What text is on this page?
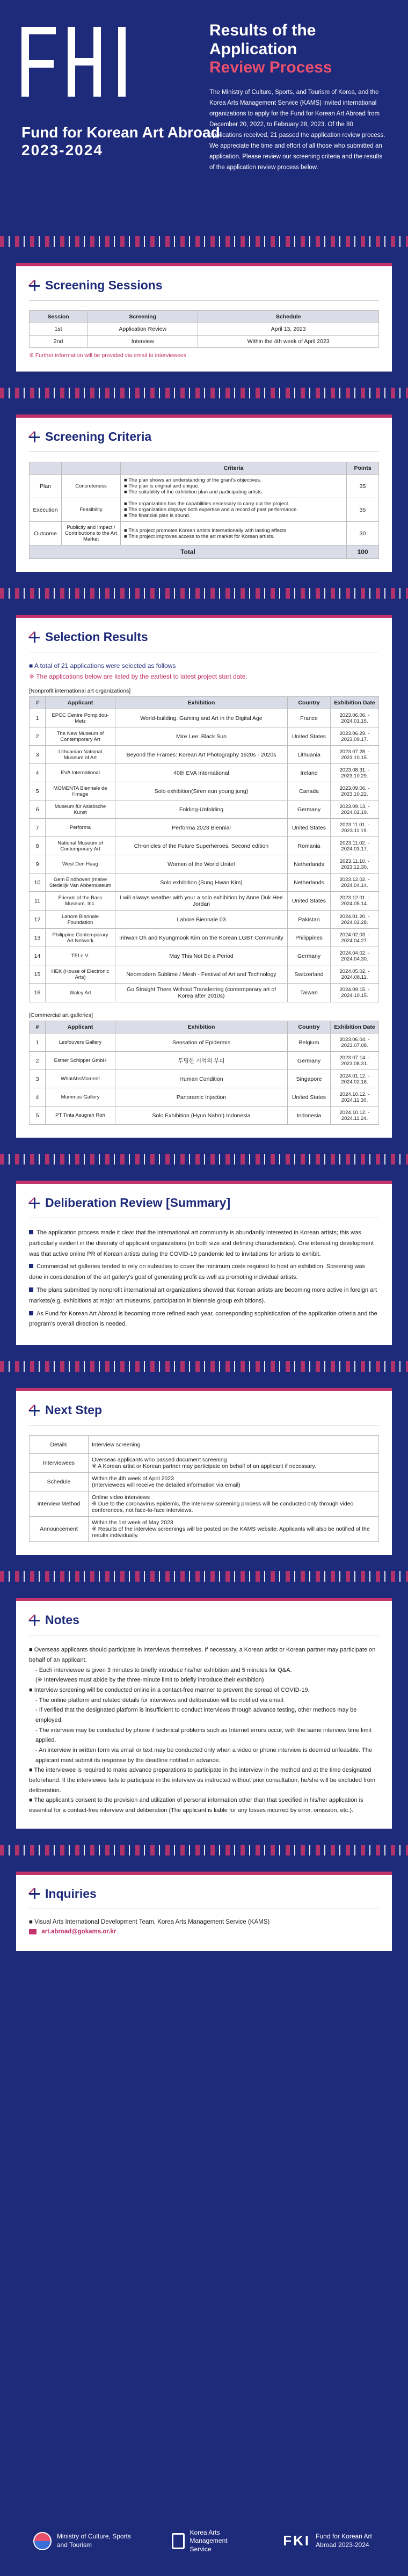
Fund for Korean Art Abroad
2023-2024
Results of the Application
Review Process

The Ministry of Culture, Sports, and Tourism of Korea, and the Korea Arts Management Service (KAMS) invited international organizations to apply for the Fund for Korean Art Abroad from December 20, 2022, to February 28, 2023. Of the 80 applications received, 21 passed the application review process. We appreciate the time and effort of all those who submitted an application. Please review our screening criteria and the results of the application review process below.

Screening Sessions
Session	Screening	Schedule
1st	Application Review	April 13, 2023
2nd	Interview	Within the 4th week of April 2023
※ Further information will be provided via email to interviewees
Screening Criteria
		Criteria	Points
Plan	Concreteness	■ The plan shows an understanding of the grant's objectives.
■ The plan is original and unique.
■ The suitability of the exhibition plan and participating artists.	35
Execution	Feasibility	■ The organization has the capabilities necessary to carry out the project.
■ The organization displays both expertise and a record of past performance.
■ The financial plan is sound.	35
Outcome	Publicity and Impact / Contributions to the Art Market	■ This project promotes Korean artists internationally with lasting effects.
■ This project improves access to the art market for Korean artists.	30
Total			100
Selection Results
■ A total of 21 applications were selected as follows
※ The applications below are listed by the earliest to latest project start date.
[Nonprofit international art organizations]
#	Applicant	Exhibition	Country	Exhibition Date
1	EPCC Centre Pompidou-Metz	World-building. Gaming and Art in the Digital Age	France	2023.06.06. - 2024.01.15.
2	The New Museum of Contemporary Art	Mire Lee: Black Sun	United States	2023.06.29. - 2023.09.17.
3	Lithuanian National Museum of Art	Beyond the Frames: Korean Art Photography 1920s - 2020s	Lithuania	2023.07.28. - 2023.10.15.
4	EVA International	40th EVA International	Ireland	2023.08.31. - 2023.10.29.
5	MOMENTA Biennale de l'image	Solo exhibition(Siren eun young jung)	Canada	2023.09.06. - 2023.10.22.
6	Museum für Asiatische Kunst	Folding-Unfolding	Germany	2023.09.13. - 2024.02.19.
7	Performa	Performa 2023 Biennial	United States	2023.11.01. - 2023.11.19.
8	National Museum of Contemporary Art	Chronicles of the Future Superheroes. Second edition	Romania	2023.11.02. - 2024.03.17.
9	West Den Haag	Women of the World Unite!	Netherlands	2023.11.10. - 2023.12.30.
10	Gem Eindhoven (malve Stedelijk Van Abbemuseum	Solo exhibition (Sung Hwan Kim)	Netherlands	2023.12.02. - 2024.04.14.
11	Friends of the Bass Museum, Inc.	I will always weather with your a solo exhibition by Anne Duk Hee Jordan	United States	2023.12.01. - 2024.05.14.
12	Lahore Biennale Foundation	Lahore Biennale 03	Pakistan	2024.01.20. - 2024.02.28.
13	Philippine Contemporary Art Network	Inhwan Oh and Kyungmook Kim on the Korean LGBT Community	Philippines	2024.02.03. - 2024.04.27.
14	TEI e.V.	May This Not Be a Period	Germany	2024.04.02. - 2024.04.30.
15	HEK (House of Electronic Arts)	Neomodern Sublime / Mesh - Festival of Art and Technology	Switzerland	2024.05.02. - 2024.08.11.
16	Waley Art	Go Straight There Without Transferring (contemporary art of Korea after 2010s)	Taiwan	2024.09.15. - 2024.10.15.
[Commercial art galleries]
#	Applicant	Exhibition	Country	Exhibition Date
1	Lesfouvers Gallery	Sensation of Epidermis	Belgium	2023.06.04. - 2023.07.08.
2	Esther Schipper GmbH	투명한 기억의 부피	Germany	2023.07.14. - 2023.08.31.
3	WhatAbsMoment	Human Condition	Singapore	2024.01.12. - 2024.02.18.
4	Mummus Gallery	Panoramic Injection	United States	2024.10.12. - 2024.11.30.
5	PT Tinta Asugrah Roh	Solo Exhibition (Hyun Nahm) Indonesia	Indonesia	2024.10.12. - 2024.11.24.
Deliberation Review [Summary]

The application process made it clear that the international art community is abundantly interested in Korean artists; this was particularly evident in the diversity of applicant organizations (in both size and defining characteristics). One interesting development was that active online PR of Korean artists during the COVID-19 pandemic led to invitations for artists to exhibit.

Commercial art galleries tended to rely on subsidies to cover the minimum costs required to host an exhibition. Screening was done in consideration of the art gallery's goal of generating profit as well as promoting individual artists.

The plans submitted by nonprofit international art organizations showed that Korean artists are becoming more active in foreign art markets(e.g. exhibitions at major art museums, participation in biennale group exhibitions).

As Fund for Korean Art Abroad is becoming more refined each year, corresponding sophistication of the application criteria and the program's overall direction is needed.

Next Step
Details	Interview screening
Interviewees	Overseas applicants who passed document screening
※ A Korean artist or Korean partner may participate on behalf of an applicant if necessary.
Schedule	Within the 4th week of April 2023
(Interviewees will receive the detailed information via email)
Interview Method	Online video interviews
※ Due to the coronavirus epidemic, the interview screening process will be conducted only through video conferences, not face-to-face interviews.
Announcement	Within the 1st week of May 2023
※ Results of the interview screenings will be posted on the KAMS website. Applicants will also be notified of the results individually.
Notes

■ Overseas applicants should participate in interviews themselves. If necessary, a Korean artist or Korean partner may participate on behalf of an applicant.

- Each interviewee is given 3 minutes to briefly introduce his/her exhibition and 5 minutes for Q&A.

(※ Interviewees must abide by the three-minute limit to briefly introduce their exhibition)

■ Interview screening will be conducted online in a contact-free manner to prevent the spread of COVID-19.

- The online platform and related details for interviews and deliberation will be notified via email.

- If verified that the designated platform is insufficient to conduct interviews through advance testing, other methods may be employed.

- The interview may be conducted by phone if technical problems such as Internet errors occur, with the same interview time limit applied.

- An interview in written form via email or text may be conducted only when a video or phone interview is deemed unfeasible. The applicant must submit its response by the deadline notified in advance.

■ The interviewee is required to make advance preparations to participate in the interview in the method and at the time designated beforehand. If the interviewee fails to participate in the interview as instructed without prior consultation, he/she will be excluded from deliberation.

■ The applicant's consent to the provision and utilization of personal information other than that specified in his/her application is essential for a contact-free interview and deliberation (The applicant is liable for any losses incurred by error, omission, etc.).

Inquiries

■ Visual Arts International Development Team, Korea Arts Management Service (KAMS)

art.abroad@gokams.or.kr

Ministry of Culture, Sports and Tourism
Korea Arts Management Service
FKI Fund for Korean Art Abroad 2023-2024
